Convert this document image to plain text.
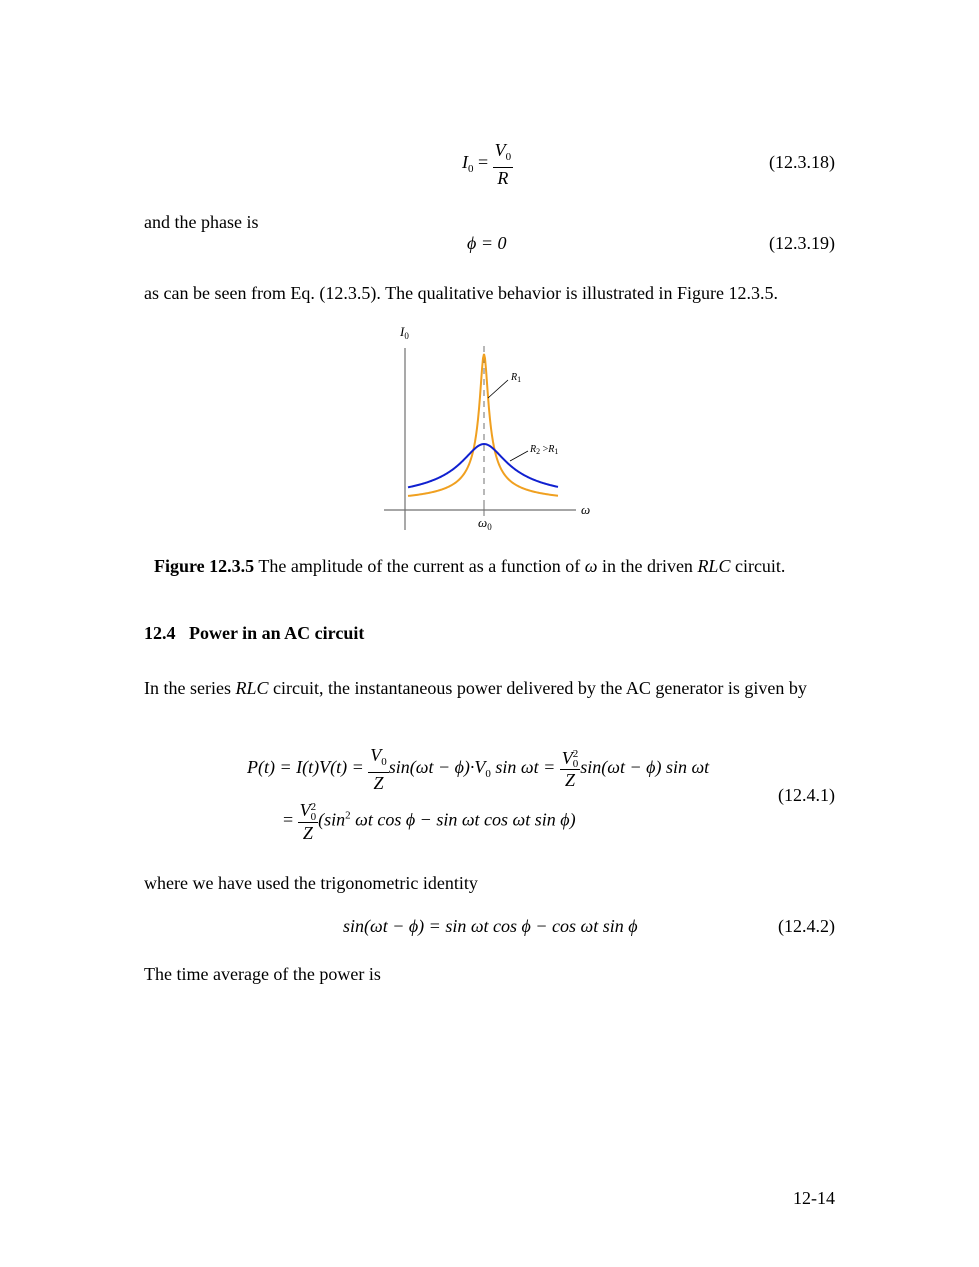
$I_0 = \frac{V_0}{R}$	(12.3.18)
and the phase is
ϕ = 0	(12.3.19)
as can be seen from Eq. (12.3.5). The qualitative behavior is illustrated in Figure 12.3.5.
$I_0$
ω
$\omega_0$
$R_1$
$R_2 >R_1$
Figure 12.3.5 The amplitude of the current as a function of ω in the driven RLC circuit.
12.4 Power in an AC circuit
In the series RLC circuit, the instantaneous power delivered by the AC generator is given by
$P(t) = I(t)V(t) = \frac{V_0}{Z} \sin(\omega t - \phi)\cdot V_0$ sin ωt = V 2
0
Z sin(ωt − ϕ) sin ωt
= V 2
0
Z ($\sin^2$ ωt cos ϕ − sin ωt cos ωt sin ϕ)
(12.4.1)
where we have used the trigonometric identity
sin(ωt − ϕ) = sin ωt cos ϕ − cos ωt sin ϕ	(12.4.2)
The time average of the power is
12-14
